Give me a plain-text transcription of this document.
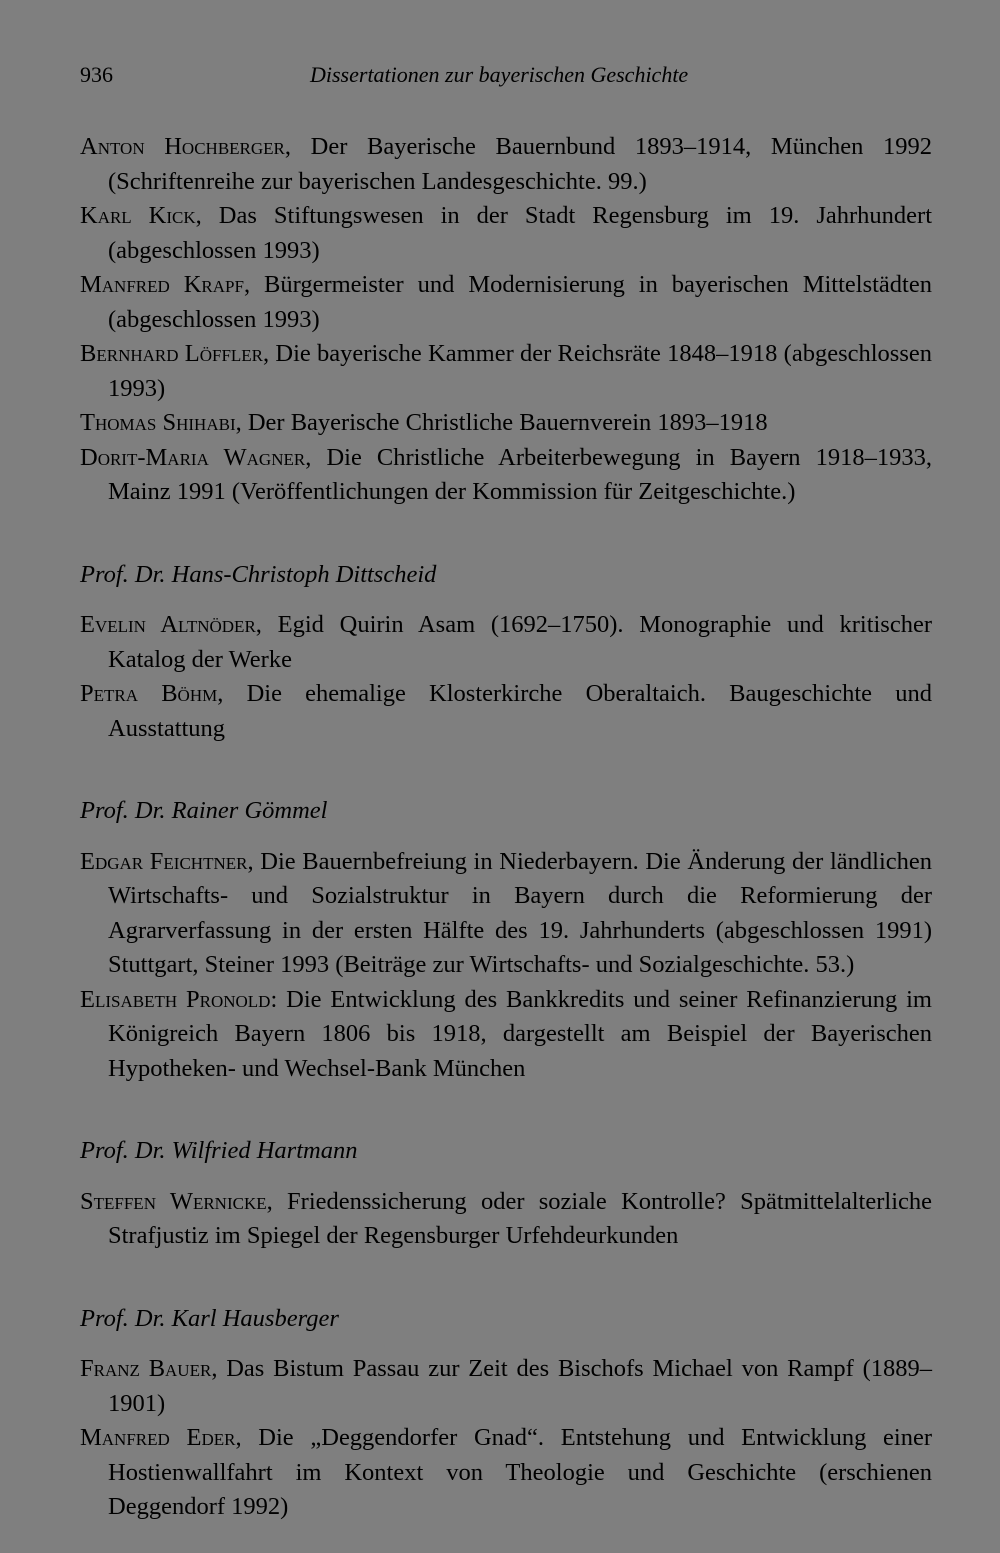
936	Dissertationen zur bayerischen Geschichte

Anton Hochberger, Der Bayerische Bauernbund 1893–1914, München 1992 (Schriftenreihe zur bayerischen Landesgeschichte. 99.)

Karl Kick, Das Stiftungswesen in der Stadt Regensburg im 19. Jahrhundert (abgeschlossen 1993)

Manfred Krapf, Bürgermeister und Modernisierung in bayerischen Mittelstädten (abgeschlossen 1993)

Bernhard Löffler, Die bayerische Kammer der Reichsräte 1848–1918 (abgeschlossen 1993)

Thomas Shihabi, Der Bayerische Christliche Bauernverein 1893–1918

Dorit-Maria Wagner, Die Christliche Arbeiterbewegung in Bayern 1918–1933, Mainz 1991 (Veröffentlichungen der Kommission für Zeitgeschichte.)

Prof. Dr. Hans-Christoph Dittscheid

Evelin Altnöder, Egid Quirin Asam (1692–1750). Monographie und kritischer Katalog der Werke

Petra Böhm, Die ehemalige Klosterkirche Oberaltaich. Baugeschichte und Ausstattung

Prof. Dr. Rainer Gömmel

Edgar Feichtner, Die Bauernbefreiung in Niederbayern. Die Änderung der ländlichen Wirtschafts- und Sozialstruktur in Bayern durch die Reformierung der Agrarverfassung in der ersten Hälfte des 19. Jahrhunderts (abgeschlossen 1991) Stuttgart, Steiner 1993 (Beiträge zur Wirtschafts- und Sozialgeschichte. 53.)

Elisabeth Pronold: Die Entwicklung des Bankkredits und seiner Refinanzierung im Königreich Bayern 1806 bis 1918, dargestellt am Beispiel der Bayerischen Hypotheken- und Wechsel-Bank München

Prof. Dr. Wilfried Hartmann

Steffen Wernicke, Friedenssicherung oder soziale Kontrolle? Spätmittelalterliche Strafjustiz im Spiegel der Regensburger Urfehdeurkunden

Prof. Dr. Karl Hausberger

Franz Bauer, Das Bistum Passau zur Zeit des Bischofs Michael von Rampf (1889–1901)

Manfred Eder, Die „Deggendorfer Gnad“. Entstehung und Entwicklung einer Hostienwallfahrt im Kontext von Theologie und Geschichte (erschienen Deggendorf 1992)
